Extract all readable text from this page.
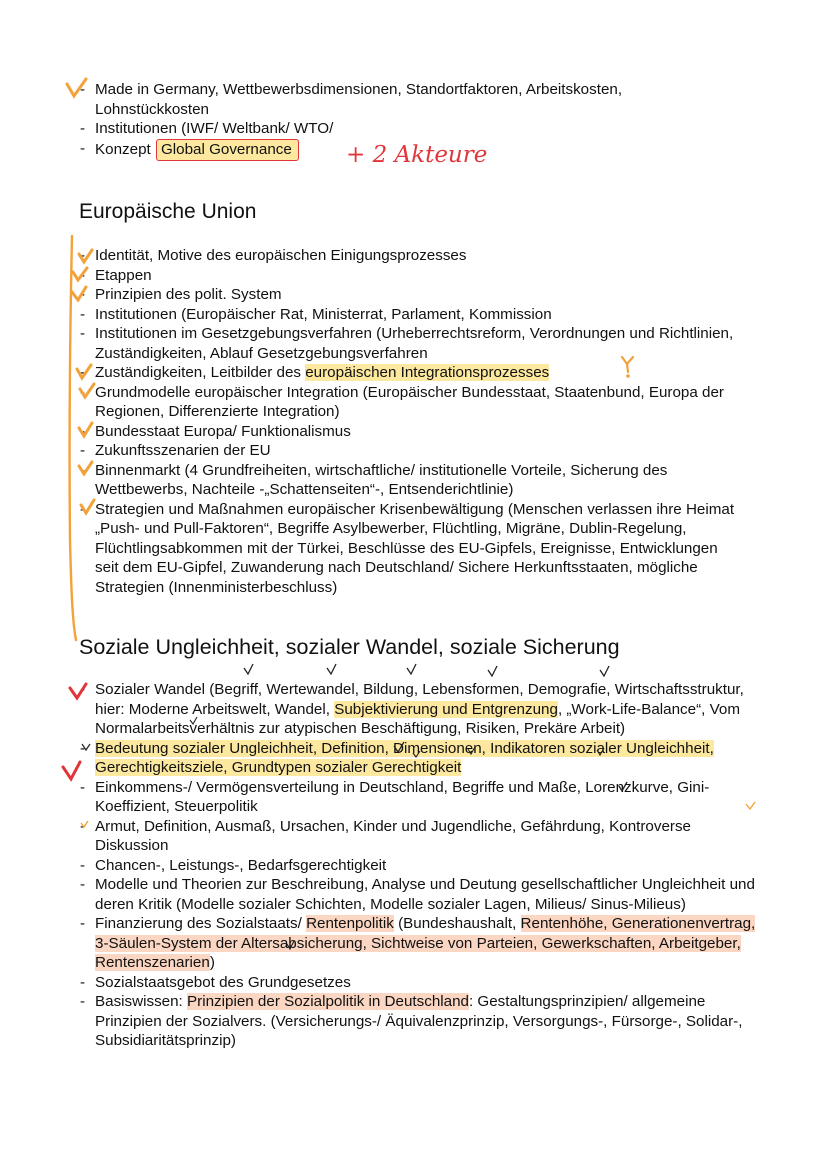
- Made in Germany, Wettbewerbsdimensionen, Standortfaktoren, Arbeitskosten, Lohnstückkosten
- Institutionen (IWF/ Weltbank/ WTO/
- Konzept Global Governance
Europäische Union
- Identität, Motive des europäischen Einigungsprozesses
- Etappen
- Prinzipien des polit. System
- Institutionen (Europäischer Rat, Ministerrat, Parlament, Kommission
- Institutionen im Gesetzgebungsverfahren (Urheberrechtsreform, Verordnungen und Richtlinien, Zuständigkeiten, Ablauf Gesetzgebungsverfahren
- Zuständigkeiten, Leitbilder des europäischen Integrationsprozesses
- Grundmodelle europäischer Integration (Europäischer Bundesstaat, Staatenbund, Europa der Regionen, Differenzierte Integration)
- Bundesstaat Europa/ Funktionalismus
- Zukunftsszenarien der EU
- Binnenmarkt (4 Grundfreiheiten, wirtschaftliche/ institutionelle Vorteile, Sicherung des Wettbewerbs, Nachteile -„Schattenseiten“-, Entsenderichtlinie)
- Strategien und Maßnahmen europäischer Krisenbewältigung (Menschen verlassen ihre Heimat „Push- und Pull-Faktoren“, Begriffe Asylbewerber, Flüchtling, Migräne, Dublin-Regelung, Flüchtlingsabkommen mit der Türkei, Beschlüsse des EU-Gipfels, Ereignisse, Entwicklungen seit dem EU-Gipfel, Zuwanderung nach Deutschland/ Sichere Herkunftsstaaten, mögliche Strategien (Innenministerbeschluss)
Soziale Ungleichheit, sozialer Wandel, soziale Sicherung
- Sozialer Wandel (Begriff, Wertewandel, Bildung, Lebensformen, Demografie, Wirtschaftsstruktur, hier: Moderne Arbeitswelt, Wandel, Subjektivierung und Entgrenzung, „Work-Life-Balance“, Vom Normalarbeitsverhältnis zur atypischen Beschäftigung, Risiken, Prekäre Arbeit)
- Bedeutung sozialer Ungleichheit, Definition, Dimensionen, Indikatoren sozialer Ungleichheit, Gerechtigkeitsziele, Grundtypen sozialer Gerechtigkeit
- Einkommens-/ Vermögensverteilung in Deutschland, Begriffe und Maße, Lorenzkurve, Gini-Koeffizient, Steuerpolitik
- Armut, Definition, Ausmaß, Ursachen, Kinder und Jugendliche, Gefährdung, Kontroverse Diskussion
- Chancen-, Leistungs-, Bedarfsgerechtigkeit
- Modelle und Theorien zur Beschreibung, Analyse und Deutung gesellschaftlicher Ungleichheit und deren Kritik (Modelle sozialer Schichten, Modelle sozialer Lagen, Milieus/ Sinus-Milieus)
- Finanzierung des Sozialstaats/ Rentenpolitik (Bundeshaushalt, Rentenhöhe, Generationenvertrag, 3-Säulen-System der Altersabsicherung, Sichtweise von Parteien, Gewerkschaften, Arbeitgeber, Rentenszenarien)
- Sozialstaatsgebot des Grundgesetzes
- Basiswissen: Prinzipien der Sozialpolitik in Deutschland: Gestaltungsprinzipien/ allgemeine Prinzipien der Sozialvers. (Versicherungs-/ Äquivalenzprinzip, Versorgungs-, Fürsorge-, Solidar-, Subsidiaritätsprinzip)
+ 2 Akteure
